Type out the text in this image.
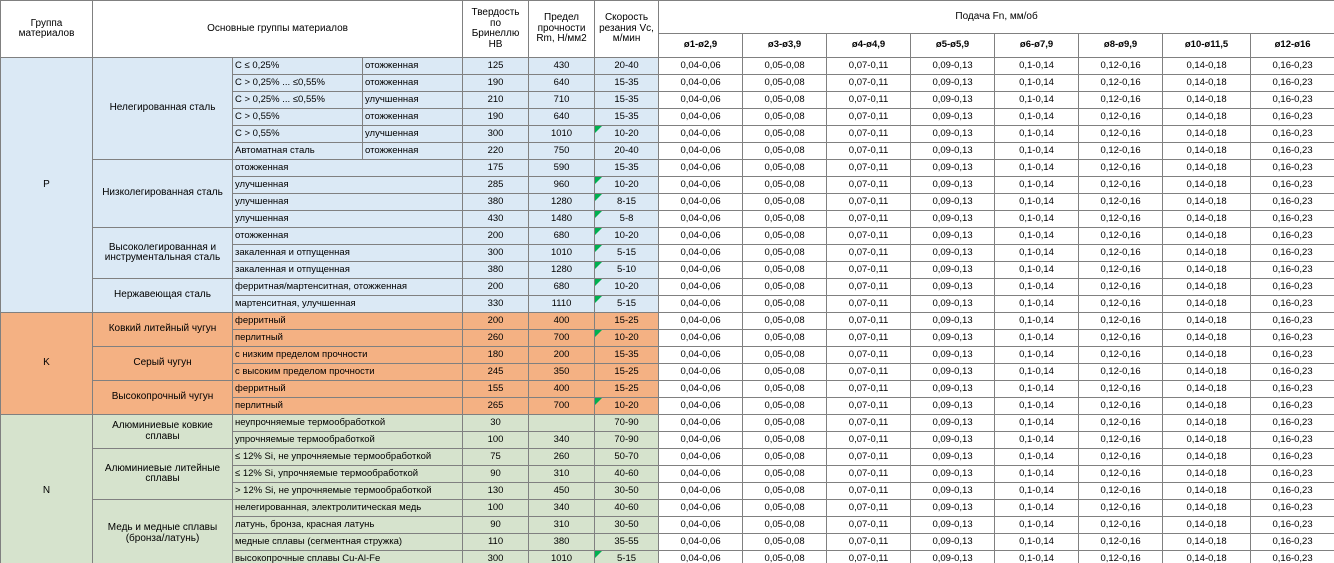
Группа материалов	Основные группы материалов			Твердость по Бринеллю НВ	Предел прочности Rm, Н/мм2	Скорость резания Vc, м/мин	Подача Fn, мм/об							
							ø1-ø2,9	ø3-ø3,9	ø4-ø4,9	ø5-ø5,9	ø6-ø7,9	ø8-ø9,9	ø10-ø11,5	ø12-ø16
P	Нелегированная сталь	C ≤ 0,25%	отожженная	125	430	20-40	0,04-0,06	0,05-0,08	0,07-0,11	0,09-0,13	0,1-0,14	0,12-0,16	0,14-0,18	0,16-0,23
		C > 0,25% ... ≤0,55%	отожженная	190	640	15-35	0,04-0,06	0,05-0,08	0,07-0,11	0,09-0,13	0,1-0,14	0,12-0,16	0,14-0,18	0,16-0,23
		C > 0,25% ... ≤0,55%	улучшенная	210	710	15-35	0,04-0,06	0,05-0,08	0,07-0,11	0,09-0,13	0,1-0,14	0,12-0,16	0,14-0,18	0,16-0,23
		C > 0,55%	отожженная	190	640	15-35	0,04-0,06	0,05-0,08	0,07-0,11	0,09-0,13	0,1-0,14	0,12-0,16	0,14-0,18	0,16-0,23
		C > 0,55%	улучшенная	300	1010	10-20	0,04-0,06	0,05-0,08	0,07-0,11	0,09-0,13	0,1-0,14	0,12-0,16	0,14-0,18	0,16-0,23
		Автоматная сталь	отожженная	220	750	20-40	0,04-0,06	0,05-0,08	0,07-0,11	0,09-0,13	0,1-0,14	0,12-0,16	0,14-0,18	0,16-0,23
	Низколегированная сталь	отожженная		175	590	15-35	0,04-0,06	0,05-0,08	0,07-0,11	0,09-0,13	0,1-0,14	0,12-0,16	0,14-0,18	0,16-0,23
		улучшенная		285	960	10-20	0,04-0,06	0,05-0,08	0,07-0,11	0,09-0,13	0,1-0,14	0,12-0,16	0,14-0,18	0,16-0,23
		улучшенная		380	1280	8-15	0,04-0,06	0,05-0,08	0,07-0,11	0,09-0,13	0,1-0,14	0,12-0,16	0,14-0,18	0,16-0,23
		улучшенная		430	1480	5-8	0,04-0,06	0,05-0,08	0,07-0,11	0,09-0,13	0,1-0,14	0,12-0,16	0,14-0,18	0,16-0,23
	Высоколегированная и инструментальная сталь	отожженная		200	680	10-20	0,04-0,06	0,05-0,08	0,07-0,11	0,09-0,13	0,1-0,14	0,12-0,16	0,14-0,18	0,16-0,23
		закаленная и отпущенная		300	1010	5-15	0,04-0,06	0,05-0,08	0,07-0,11	0,09-0,13	0,1-0,14	0,12-0,16	0,14-0,18	0,16-0,23
		закаленная и отпущенная		380	1280	5-10	0,04-0,06	0,05-0,08	0,07-0,11	0,09-0,13	0,1-0,14	0,12-0,16	0,14-0,18	0,16-0,23
	Нержавеющая сталь	ферритная/мартенситная, отожженная		200	680	10-20	0,04-0,06	0,05-0,08	0,07-0,11	0,09-0,13	0,1-0,14	0,12-0,16	0,14-0,18	0,16-0,23
		мартенситная, улучшенная		330	1110	5-15	0,04-0,06	0,05-0,08	0,07-0,11	0,09-0,13	0,1-0,14	0,12-0,16	0,14-0,18	0,16-0,23
K	Ковкий литейный чугун	ферритный		200	400	15-25	0,04-0,06	0,05-0,08	0,07-0,11	0,09-0,13	0,1-0,14	0,12-0,16	0,14-0,18	0,16-0,23
		перлитный		260	700	10-20	0,04-0,06	0,05-0,08	0,07-0,11	0,09-0,13	0,1-0,14	0,12-0,16	0,14-0,18	0,16-0,23
	Серый чугун	с низким пределом прочности		180	200	15-35	0,04-0,06	0,05-0,08	0,07-0,11	0,09-0,13	0,1-0,14	0,12-0,16	0,14-0,18	0,16-0,23
		с высоким пределом прочности		245	350	15-25	0,04-0,06	0,05-0,08	0,07-0,11	0,09-0,13	0,1-0,14	0,12-0,16	0,14-0,18	0,16-0,23
	Высокопрочный чугун	ферритный		155	400	15-25	0,04-0,06	0,05-0,08	0,07-0,11	0,09-0,13	0,1-0,14	0,12-0,16	0,14-0,18	0,16-0,23
		перлитный		265	700	10-20	0,04-0,06	0,05-0,08	0,07-0,11	0,09-0,13	0,1-0,14	0,12-0,16	0,14-0,18	0,16-0,23
N	Алюминиевые ковкие сплавы	неупрочняемые термообработкой		30		70-90	0,04-0,06	0,05-0,08	0,07-0,11	0,09-0,13	0,1-0,14	0,12-0,16	0,14-0,18	0,16-0,23
		упрочняемые термообработкой		100	340	70-90	0,04-0,06	0,05-0,08	0,07-0,11	0,09-0,13	0,1-0,14	0,12-0,16	0,14-0,18	0,16-0,23
	Алюминиевые литейные сплавы	≤ 12% Si, не упрочняемые термообработкой		75	260	50-70	0,04-0,06	0,05-0,08	0,07-0,11	0,09-0,13	0,1-0,14	0,12-0,16	0,14-0,18	0,16-0,23
		≤ 12% Si, упрочняемые термообработкой		90	310	40-60	0,04-0,06	0,05-0,08	0,07-0,11	0,09-0,13	0,1-0,14	0,12-0,16	0,14-0,18	0,16-0,23
		> 12% Si, не упрочняемые термообработкой		130	450	30-50	0,04-0,06	0,05-0,08	0,07-0,11	0,09-0,13	0,1-0,14	0,12-0,16	0,14-0,18	0,16-0,23
	Медь и медные сплавы (бронза/латунь)	нелегированная, электролитическая медь		100	340	40-60	0,04-0,06	0,05-0,08	0,07-0,11	0,09-0,13	0,1-0,14	0,12-0,16	0,14-0,18	0,16-0,23
		латунь, бронза, красная латунь		90	310	30-50	0,04-0,06	0,05-0,08	0,07-0,11	0,09-0,13	0,1-0,14	0,12-0,16	0,14-0,18	0,16-0,23
		медные сплавы (сегментная стружка)		110	380	35-55	0,04-0,06	0,05-0,08	0,07-0,11	0,09-0,13	0,1-0,14	0,12-0,16	0,14-0,18	0,16-0,23
		высокопрочные сплавы Cu-Al-Fe		300	1010	5-15	0,04-0,06	0,05-0,08	0,07-0,11	0,09-0,13	0,1-0,14	0,12-0,16	0,14-0,18	0,16-0,23
